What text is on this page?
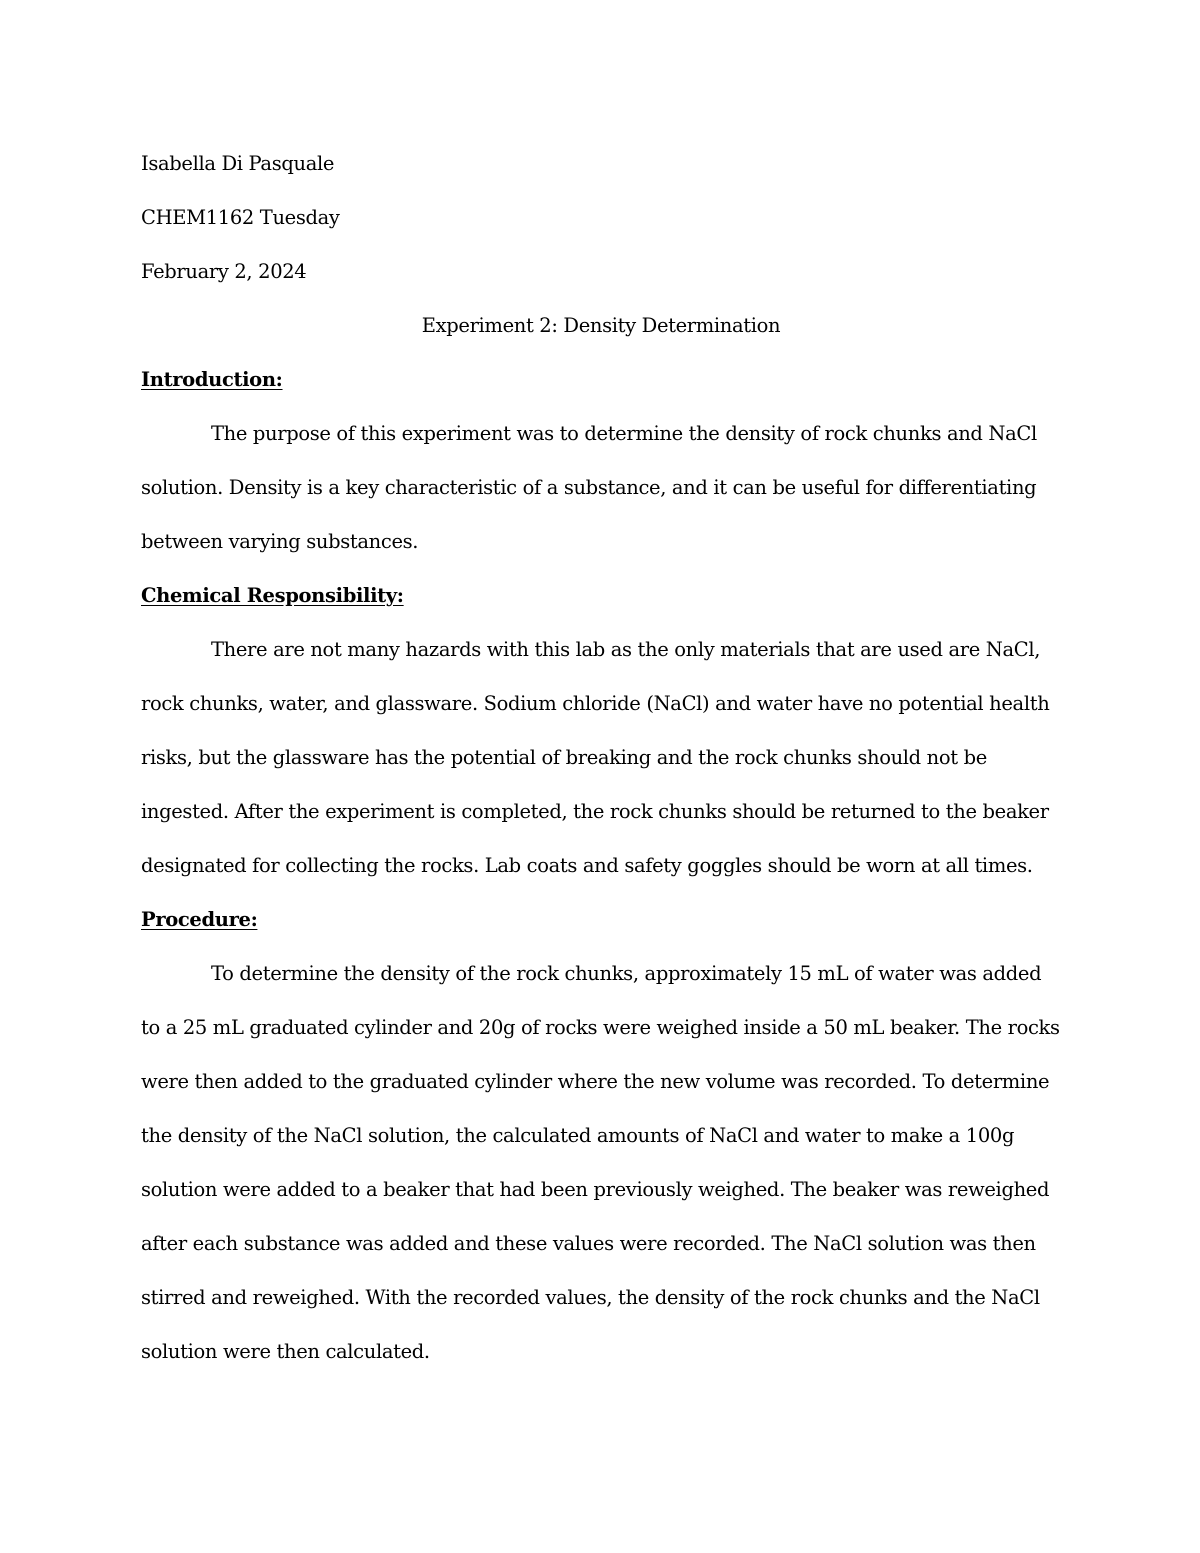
Isabella Di Pasquale

CHEM1162 Tuesday

February 2, 2024

Experiment 2: Density Determination

Introduction:

The purpose of this experiment was to determine the density of rock chunks and NaCl solution. Density is a key characteristic of a substance, and it can be useful for differentiating between varying substances.

Chemical Responsibility:

There are not many hazards with this lab as the only materials that are used are NaCl, rock chunks, water, and glassware. Sodium chloride (NaCl) and water have no potential health risks, but the glassware has the potential of breaking and the rock chunks should not be ingested. After the experiment is completed, the rock chunks should be returned to the beaker designated for collecting the rocks. Lab coats and safety goggles should be worn at all times.

Procedure:

To determine the density of the rock chunks, approximately 15 mL of water was added to a 25 mL graduated cylinder and 20g of rocks were weighed inside a 50 mL beaker. The rocks were then added to the graduated cylinder where the new volume was recorded. To determine the density of the NaCl solution, the calculated amounts of NaCl and water to make a 100g solution were added to a beaker that had been previously weighed. The beaker was reweighed after each substance was added and these values were recorded. The NaCl solution was then stirred and reweighed. With the recorded values, the density of the rock chunks and the NaCl solution were then calculated.
